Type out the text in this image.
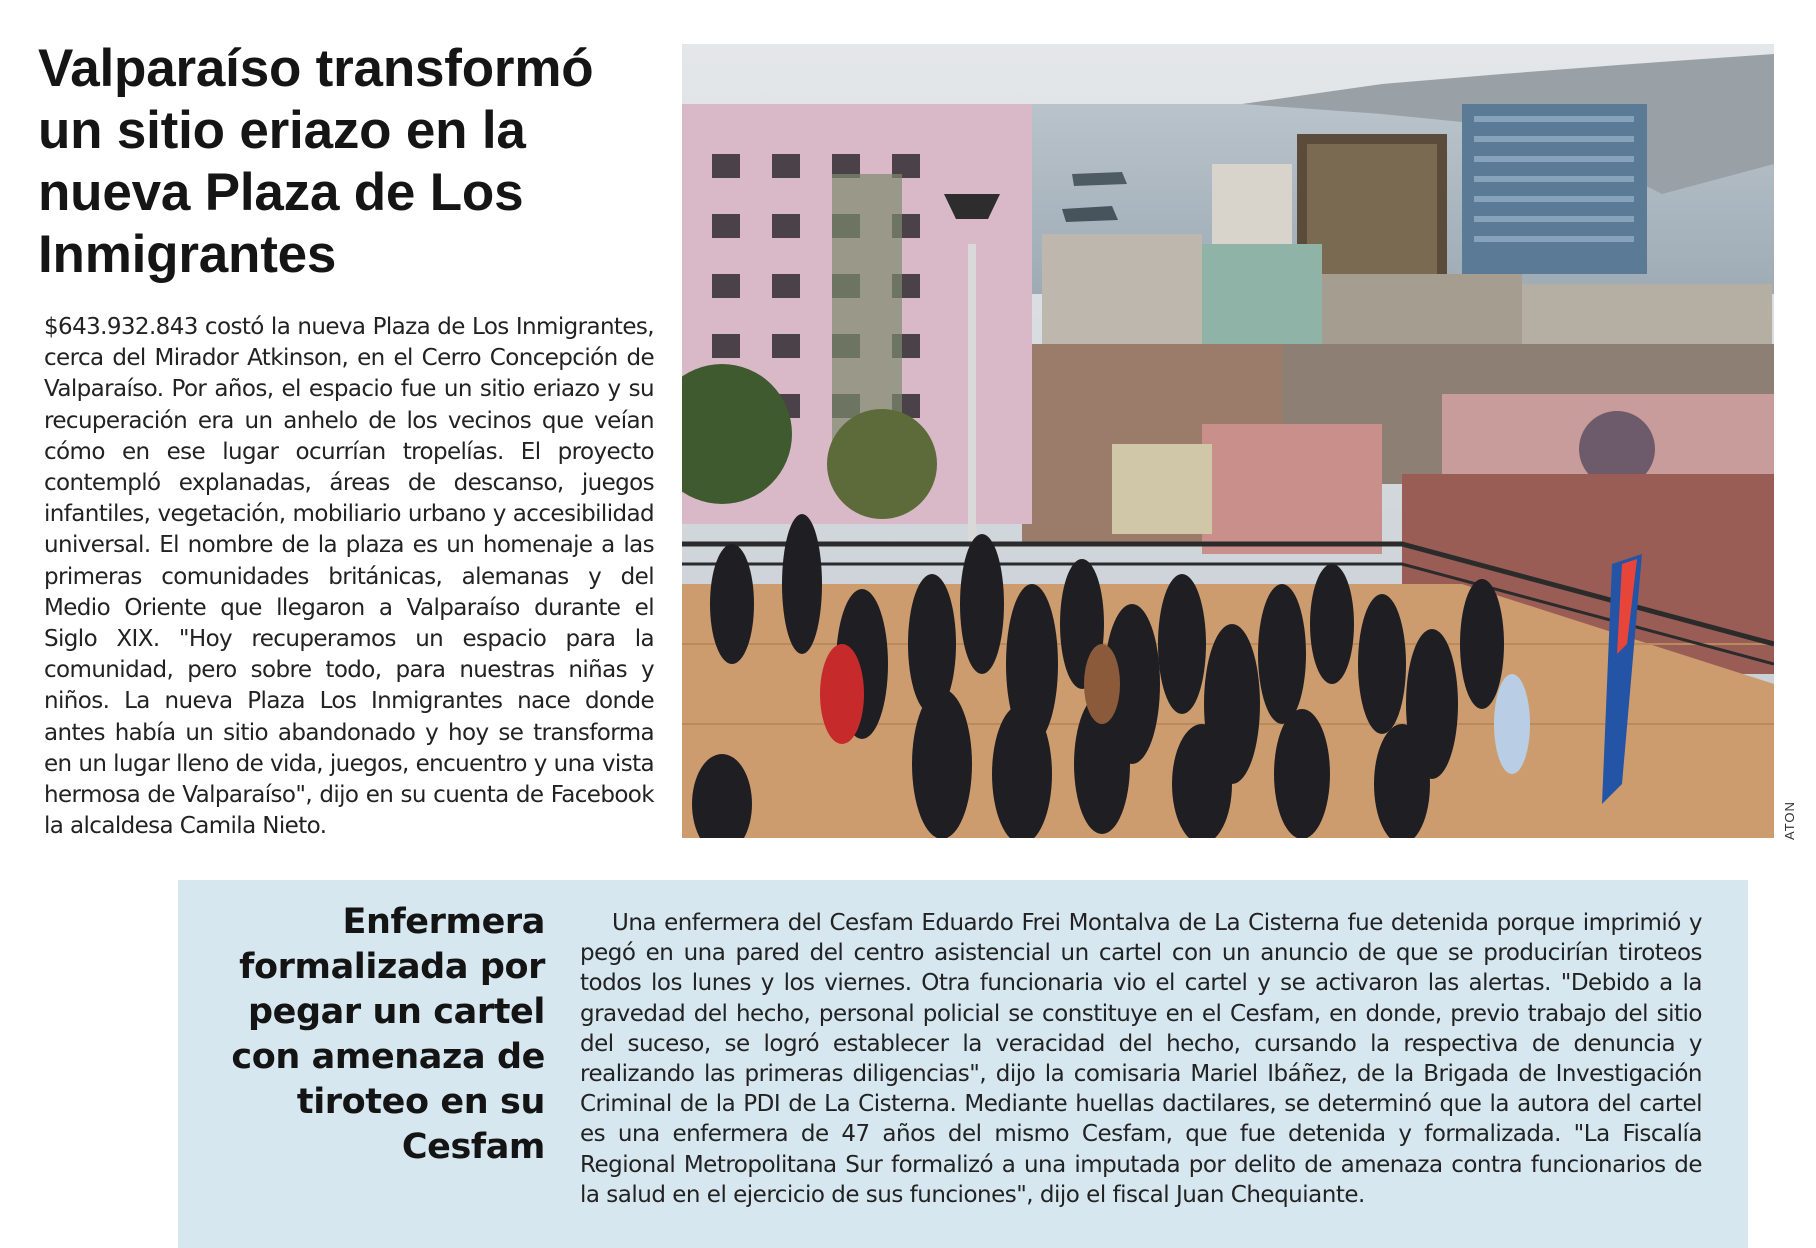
Valparaíso transformó un sitio eriazo en la nueva Plaza de Los Inmigrantes

$643.932.843 costó la nueva Plaza de Los Inmigrantes, cerca del Mirador Atkinson, en el Cerro Concepción de Valparaíso. Por años, el espacio fue un sitio eriazo y su recuperación era un anhelo de los vecinos que veían cómo en ese lugar ocurrían tropelías. El proyecto contempló explanadas, áreas de descanso, juegos infantiles, vegetación, mobiliario urbano y accesibilidad universal. El nombre de la plaza es un homenaje a las primeras comunidades británicas, alemanas y del Medio Oriente que llegaron a Valparaíso durante el Siglo XIX. "Hoy recuperamos un espacio para la comunidad, pero sobre todo, para nuestras niñas y niños. La nueva Plaza Los Inmigrantes nace donde antes había un sitio abandonado y hoy se transforma en un lugar lleno de vida, juegos, encuentro y una vista hermosa de Valparaíso", dijo en su cuenta de Facebook la alcaldesa Camila Nieto.	ATON
Enfermera formalizada por pegar un cartel con amenaza de tiroteo en su Cesfam

Una enfermera del Cesfam Eduardo Frei Montalva de La Cisterna fue detenida porque imprimió y pegó en una pared del centro asistencial un cartel con un anuncio de que se producirían tiroteos todos los lunes y los viernes. Otra funcionaria vio el cartel y se activaron las alertas. "Debido a la gravedad del hecho, personal policial se constituye en el Cesfam, en donde, previo trabajo del sitio del suceso, se logró establecer la veracidad del hecho, cursando la respectiva de denuncia y realizando las primeras diligencias", dijo la comisaria Mariel Ibáñez, de la Brigada de Investigación Criminal de la PDI de La Cisterna. Mediante huellas dactilares, se determinó que la autora del cartel es una enfermera de 47 años del mismo Cesfam, que fue detenida y formalizada. "La Fiscalía Regional Metropolitana Sur formalizó a una imputada por delito de amenaza contra funcionarios de la salud en el ejercicio de sus funciones", dijo el fiscal Juan Chequiante.
